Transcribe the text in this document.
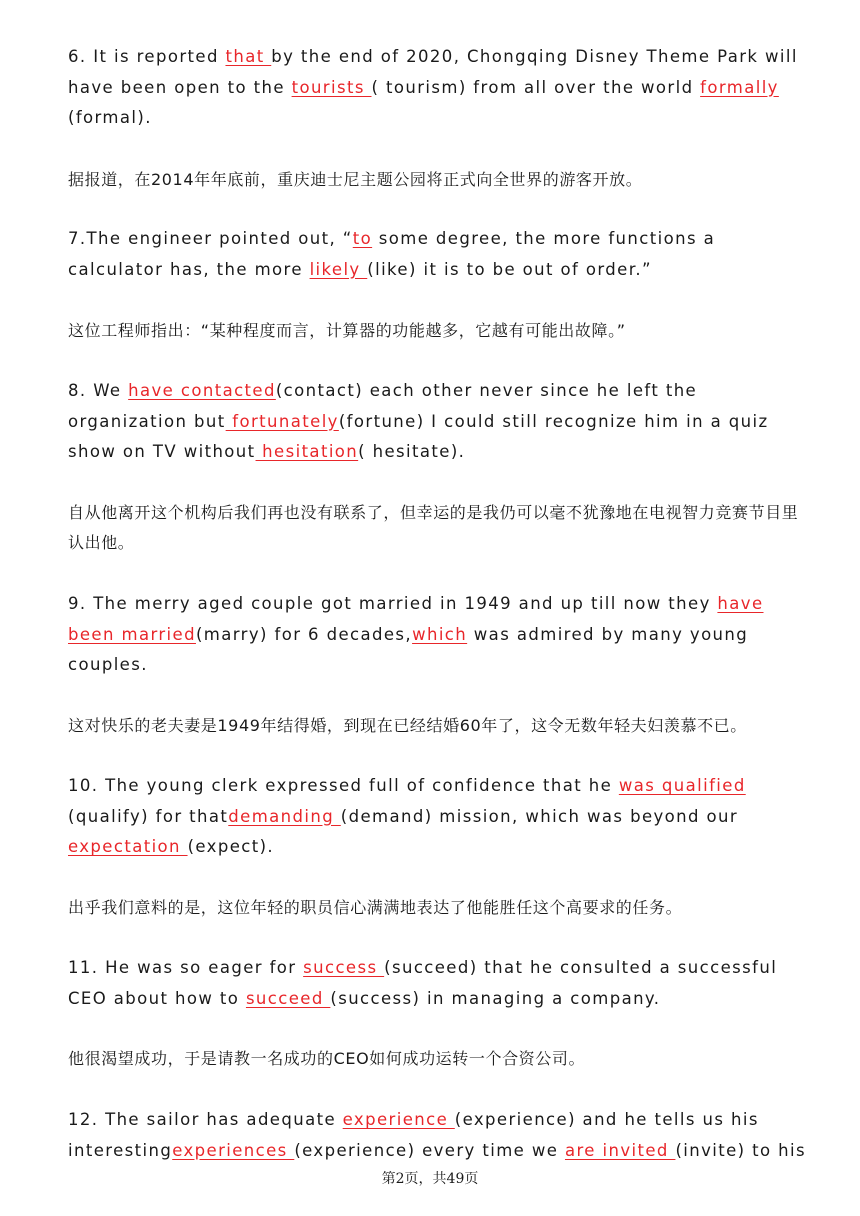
6. It is reported that by the end of 2020, Chongqing Disney Theme Park will have been open to the tourists ( tourism) from all over the world formally (formal).
据报道，在2014年年底前，重庆迪士尼主题公园将正式向全世界的游客开放。
7.The engineer pointed out, “to some degree, the more functions a calculator has, the more likely (like) it is to be out of order.”
这位工程师指出：“某种程度而言，计算器的功能越多，它越有可能出故障。”
8. We have contacted(contact) each other never since he left the organization but fortunately(fortune) I could still recognize him in a quiz show on TV without hesitation( hesitate).
自从他离开这个机构后我们再也没有联系了，但幸运的是我仍可以毫不犹豫地在电视智力竞赛节目里认出他。
9. The merry aged couple got married in 1949 and up till now they have been married(marry) for 6 decades,which was admired by many young couples.
这对快乐的老夫妻是1949年结得婚，到现在已经结婚60年了，这令无数年轻夫妇羡慕不已。
10. The young clerk expressed full of confidence that he was qualified (qualify) for thatdemanding (demand) mission, which was beyond our expectation (expect).
出乎我们意料的是，这位年轻的职员信心满满地表达了他能胜任这个高要求的任务。
11. He was so eager for success (succeed) that he consulted a successful CEO about how to succeed (success) in managing a company.
他很渴望成功，于是请教一名成功的CEO如何成功运转一个合资公司。
12. The sailor has adequate experience (experience) and he tells us his interestingexperiences (experience) every time we are invited (invite) to his
第2页，共49页
